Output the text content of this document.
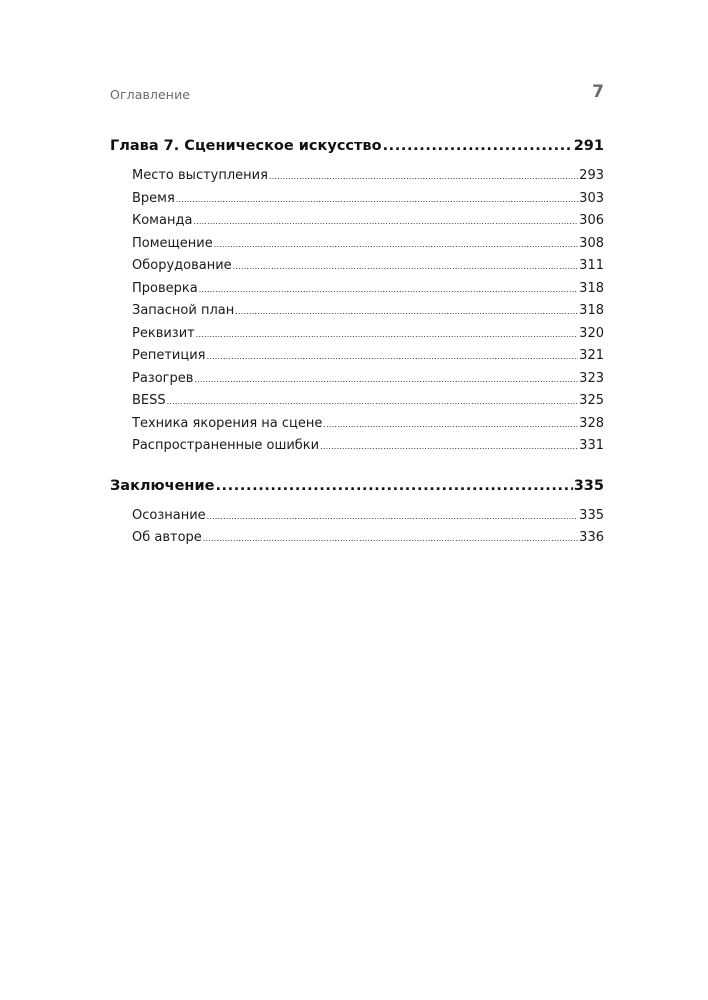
Оглавление	7
Глава 7. Сценическое искусство .....	291
Место выступления .....	293
Время .....	303
Команда .....	306
Помещение .....	308
Оборудование .....	311
Проверка .....	318
Запасной план .....	318
Реквизит .....	320
Репетиция .....	321
Разогрев .....	323
BESS .....	325
Техника якорения на сцене .....	328
Распространенные ошибки .....	331
Заключение .....	335
Осознание .....	335
Об авторе .....	336
